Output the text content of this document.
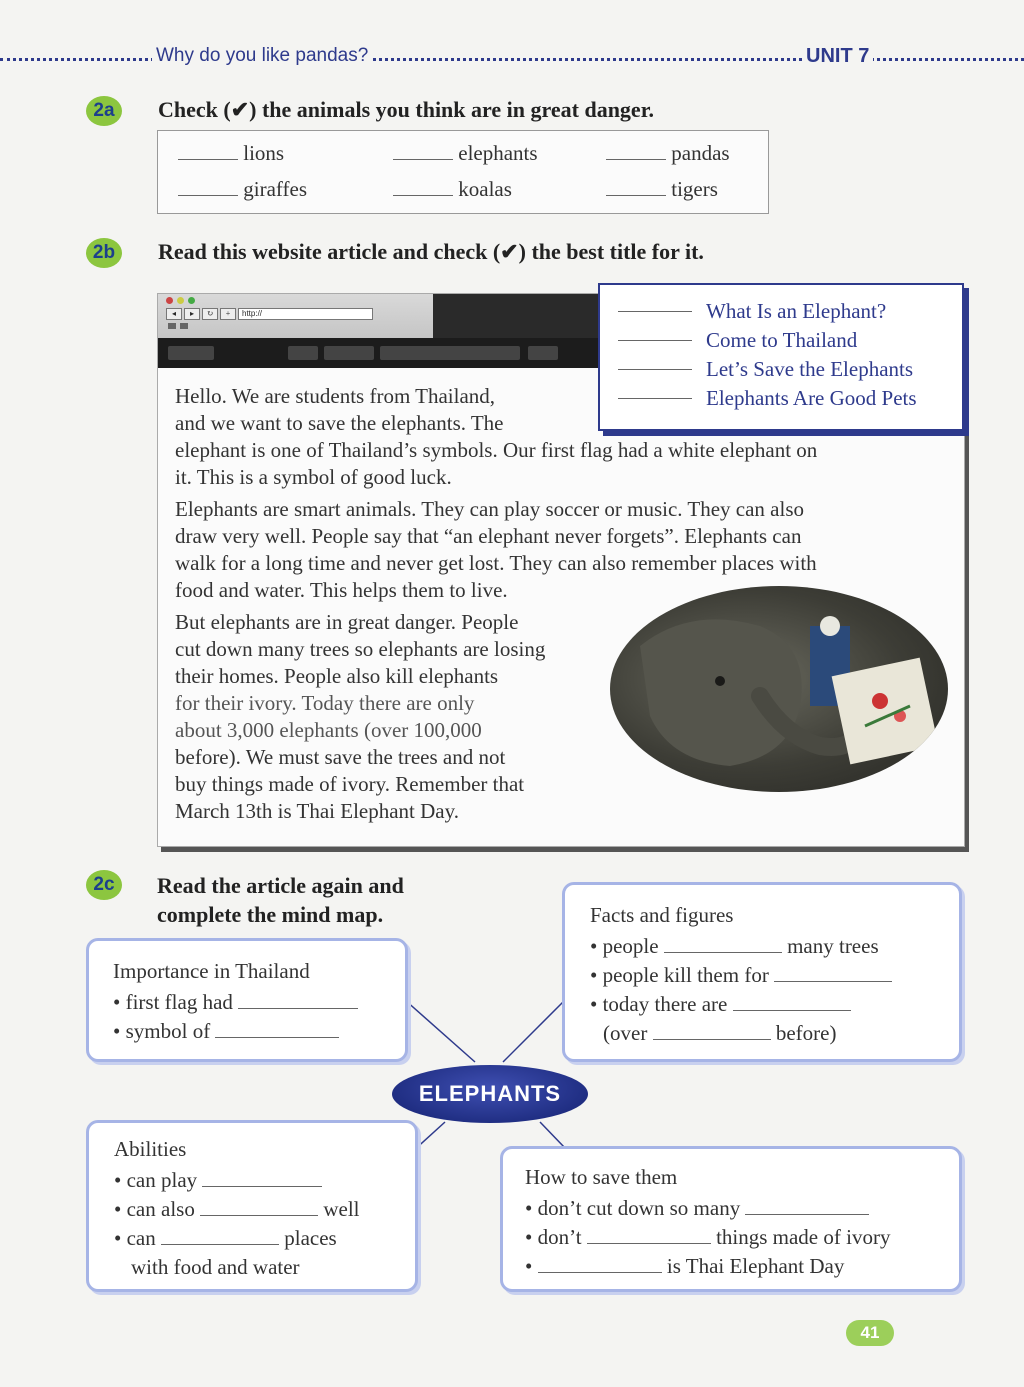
Why do you like pandas?	UNIT 7
2a	Check (✔) the animals you think are in great danger.
lions	elephants	pandas
giraffes	koalas	tigers
2b	Read this website article and check (✔) the best title for it.
◂	▸	↻	+	http://
Hello. We are students from Thailand,
and we want to save the elephants. The
elephant is one of Thailand’s symbols. Our first flag had a white elephant on
it. This is a symbol of good luck.
Elephants are smart animals. They can play soccer or music. They can also
draw very well. People say that “an elephant never forgets”. Elephants can
walk for a long time and never get lost. They can also remember places with
food and water. This helps them to live.
But elephants are in great danger. People
cut down many trees so elephants are losing
their homes. People also kill elephants
for their ivory. Today there are only
about 3,000 elephants (over 100,000
before). We must save the trees and not
buy things made of ivory. Remember that
March 13th is Thai Elephant Day.
What Is an Elephant?
Come to Thailand
Let’s Save the Elephants
Elephants Are Good Pets
2c	Read the article again and
complete the mind map.
Importance in Thailand
• first flag had
• symbol of
Facts and figures
• people	many trees
• people kill them for
• today there are
(over	before)
ELEPHANTS
Abilities
• can play
• can also	well
• can	places
with food and water
How to save them
• don’t cut down so many
• don’t	things made of ivory
•	is Thai Elephant Day
41
